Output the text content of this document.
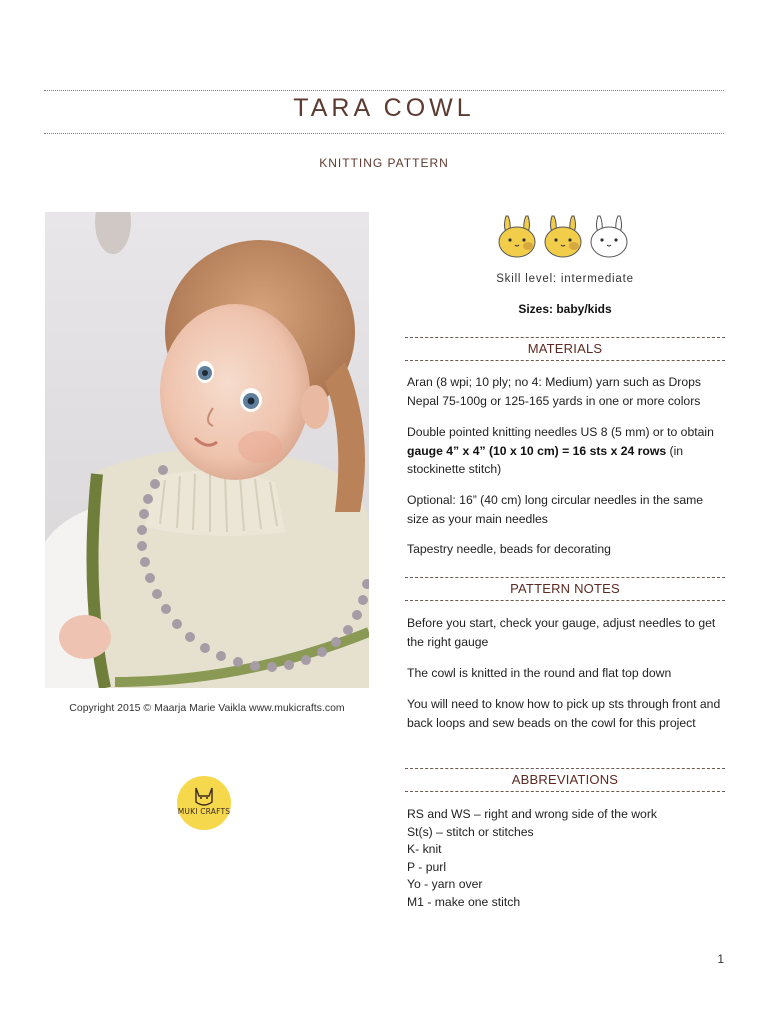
TARA COWL
KNITTING PATTERN
Copyright 2015 © Maarja Marie Vaikla www.mukicrafts.com
MUKI CRAFTS
Skill level: intermediate
Sizes: baby/kids
MATERIALS
Aran (8 wpi; 10 ply; no 4: Medium) yarn such as Drops Nepal 75-100g or 125-165 yards in one or more colors
Double pointed knitting needles US 8 (5 mm) or to obtain gauge 4” x 4” (10 x 10 cm) = 16 sts x 24 rows (in stockinette stitch)
Optional: 16” (40 cm) long circular needles in the same size as your main needles
Tapestry needle, beads for decorating
PATTERN NOTES
Before you start, check your gauge, adjust needles to get the right gauge
The cowl is knitted in the round and flat top down
You will need to know how to pick up sts through front and back loops and sew beads on the cowl for this project
ABBREVIATIONS
RS and WS – right and wrong side of the work
St(s) – stitch or stitches
K- knit
P - purl
Yo - yarn over
M1 - make one stitch
1
